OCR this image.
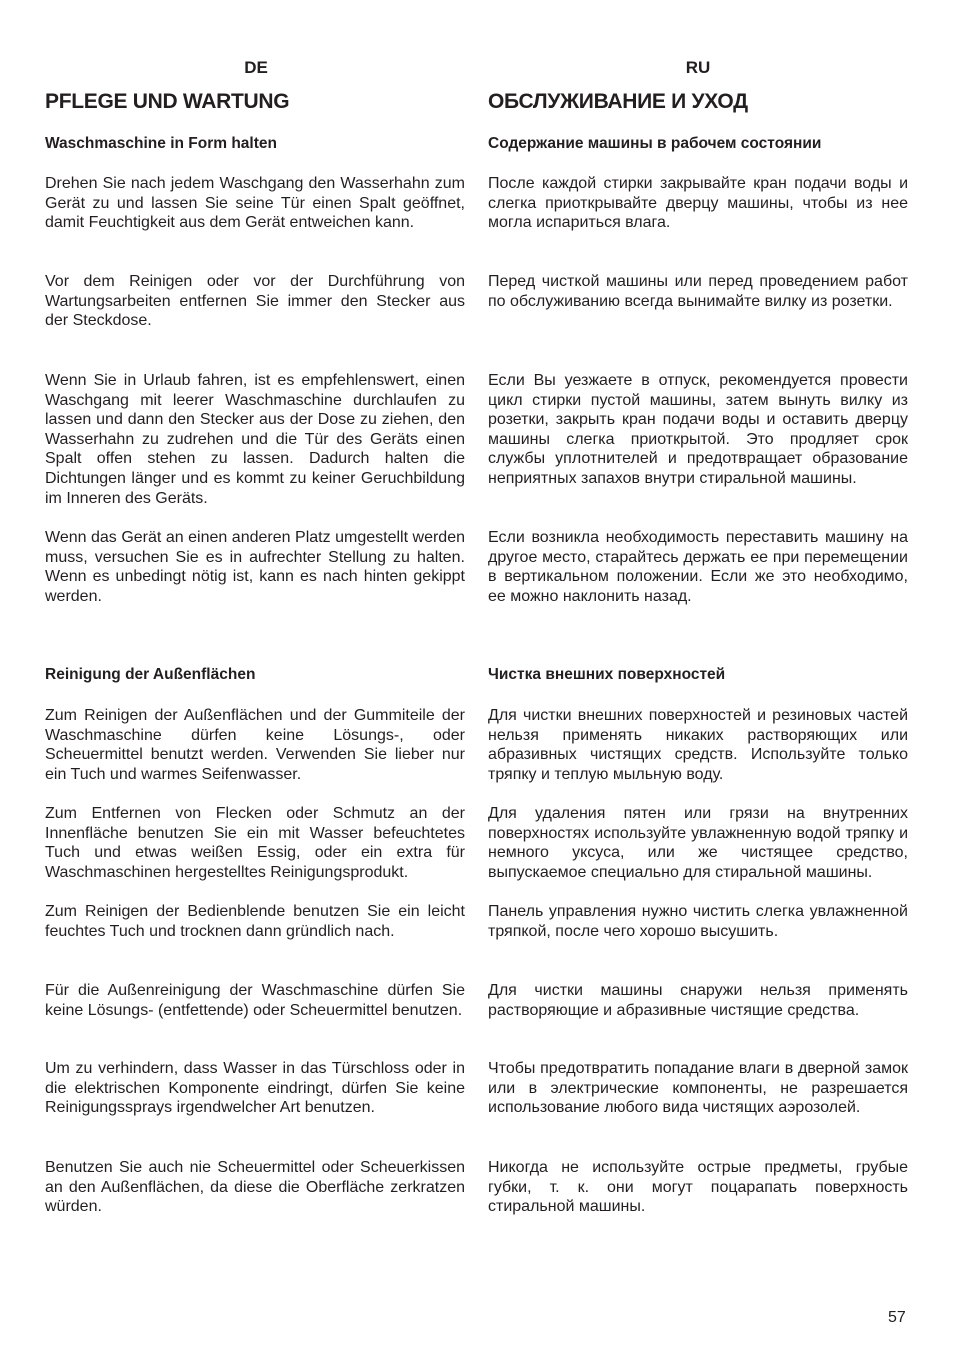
DE
PFLEGE UND WARTUNG
Waschmaschine in Form halten
Drehen Sie nach jedem Waschgang den Wasserhahn zum Gerät zu und lassen Sie seine Tür einen Spalt geöffnet, damit Feuchtigkeit aus dem Gerät entweichen kann.
Vor dem Reinigen oder vor der Durchführung von Wartungsarbeiten entfernen Sie immer den Stecker aus der Steckdose.
Wenn Sie in Urlaub fahren, ist es empfehlenswert, einen Waschgang mit leerer Waschmaschine durchlaufen zu lassen und dann den Stecker aus der Dose zu ziehen, den Wasserhahn zu zudrehen und die Tür des Geräts einen Spalt offen stehen zu lassen. Dadurch halten die Dichtungen länger und es kommt zu keiner Geruchbildung im Inneren des Geräts.
Wenn das Gerät an einen anderen Platz umgestellt werden muss, versuchen Sie es in aufrechter Stellung zu halten. Wenn es unbedingt nötig ist, kann es nach hinten gekippt werden.
Reinigung der Außenflächen
Zum Reinigen der Außenflächen und der Gummiteile der Waschmaschine dürfen keine Lösungs-, oder Scheuermittel benutzt werden. Verwenden Sie lieber nur ein Tuch und warmes Seifenwasser.
Zum Entfernen von Flecken oder Schmutz an der Innenfläche benutzen Sie ein mit Wasser befeuchtetes Tuch und etwas weißen Essig, oder ein extra für Waschmaschinen hergestelltes Reinigungsprodukt.
Zum Reinigen der Bedienblende benutzen Sie ein leicht feuchtes Tuch und trocknen dann gründlich nach.
Für die Außenreinigung der Waschmaschine dürfen Sie keine Lösungs- (entfettende) oder Scheuermittel benutzen.
Um zu verhindern, dass Wasser in das Türschloss oder in die elektrischen Komponente eindringt, dürfen Sie keine Reinigungssprays irgendwelcher Art benutzen.
Benutzen Sie auch nie Scheuermittel oder Scheuerkissen an den Außenflächen, da diese die Oberfläche zerkratzen würden.
RU
ОБСЛУЖИВАНИЕ И УХОД
Содержание машины в рабочем состоянии
После каждой стирки закрывайте кран подачи воды и слегка приоткрывайте дверцу машины, чтобы из нее могла испариться влага.
Перед чисткой машины или перед проведением работ по обслуживанию всегда вынимайте вилку из розетки.
Если Вы уезжаете в отпуск, рекомендуется провести цикл стирки пустой машины, затем вынуть вилку из розетки, закрыть кран подачи воды и оставить дверцу машины слегка приоткрытой. Это продляет срок службы уплотнителей и предотвращает образование неприятных запахов внутри стиральной машины.
Если возникла необходимость переставить машину на другое место, старайтесь держать ее при перемещении в вертикальном положении. Если же это необходимо, ее можно наклонить назад.
Чистка внешних поверхностей
Для чистки внешних поверхностей и резиновых частей нельзя применять никаких растворяющих или абразивных чистящих средств. Используйте только тряпку и теплую мыльную воду.
Для удаления пятен или грязи на внутренних поверхностях используйте увлажненную водой тряпку и немного уксуса, или же чистящее средство, выпускаемое специально для стиральной машины.
Панель управления нужно чистить слегка увлажненной тряпкой, после чего хорошо высушить.
Для чистки машины снаружи нельзя применять растворяющие и абразивные чистящие средства.
Чтобы предотвратить попадание влаги в дверной замок или в электрические компоненты, не разрешается использование любого вида чистящих аэрозолей.
Никогда не используйте острые предметы, грубые губки, т. к. они могут поцарапать поверхность стиральной машины.
57
